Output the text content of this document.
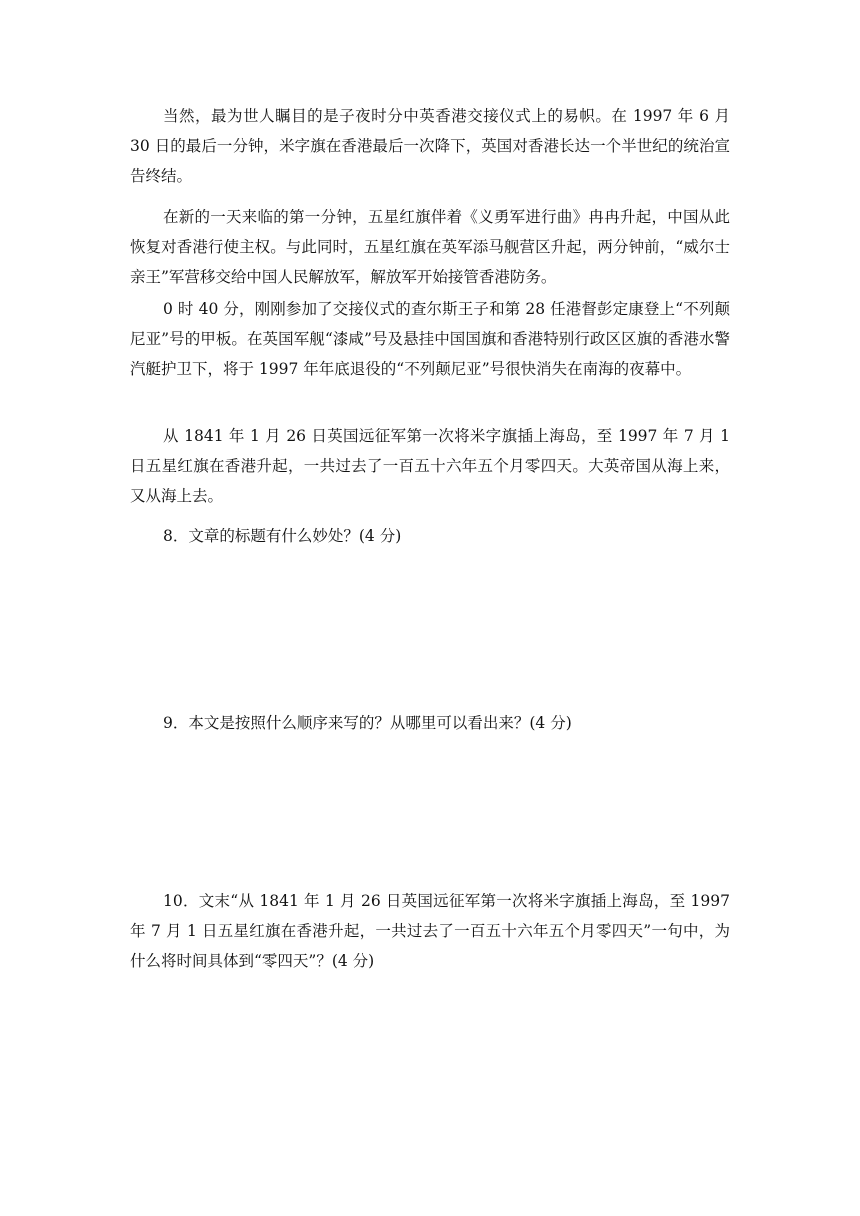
当然，最为世人瞩目的是子夜时分中英香港交接仪式上的易帜。在 1997 年 6 月 30 日的最后一分钟，米字旗在香港最后一次降下，英国对香港长达一个半世纪的统治宣告终结。

在新的一天来临的第一分钟，五星红旗伴着《义勇军进行曲》冉冉升起，中国从此恢复对香港行使主权。与此同时，五星红旗在英军添马舰营区升起，两分钟前，“威尔士亲王”军营移交给中国人民解放军，解放军开始接管香港防务。

0 时 40 分，刚刚参加了交接仪式的查尔斯王子和第 28 任港督彭定康登上“不列颠尼亚”号的甲板。在英国军舰“漆咸”号及悬挂中国国旗和香港特别行政区区旗的香港水警汽艇护卫下，将于 1997 年年底退役的“不列颠尼亚”号很快消失在南海的夜幕中。

从 1841 年 1 月 26 日英国远征军第一次将米字旗插上海岛，至 1997 年 7 月 1 日五星红旗在香港升起，一共过去了一百五十六年五个月零四天。大英帝国从海上来，又从海上去。

8．文章的标题有什么妙处？(4 分)

9．本文是按照什么顺序来写的？从哪里可以看出来？(4 分)

10．文末“从 1841 年 1 月 26 日英国远征军第一次将米字旗插上海岛，至 1997 年 7 月 1 日五星红旗在香港升起，一共过去了一百五十六年五个月零四天”一句中，为什么将时间具体到“零四天”？(4 分)
